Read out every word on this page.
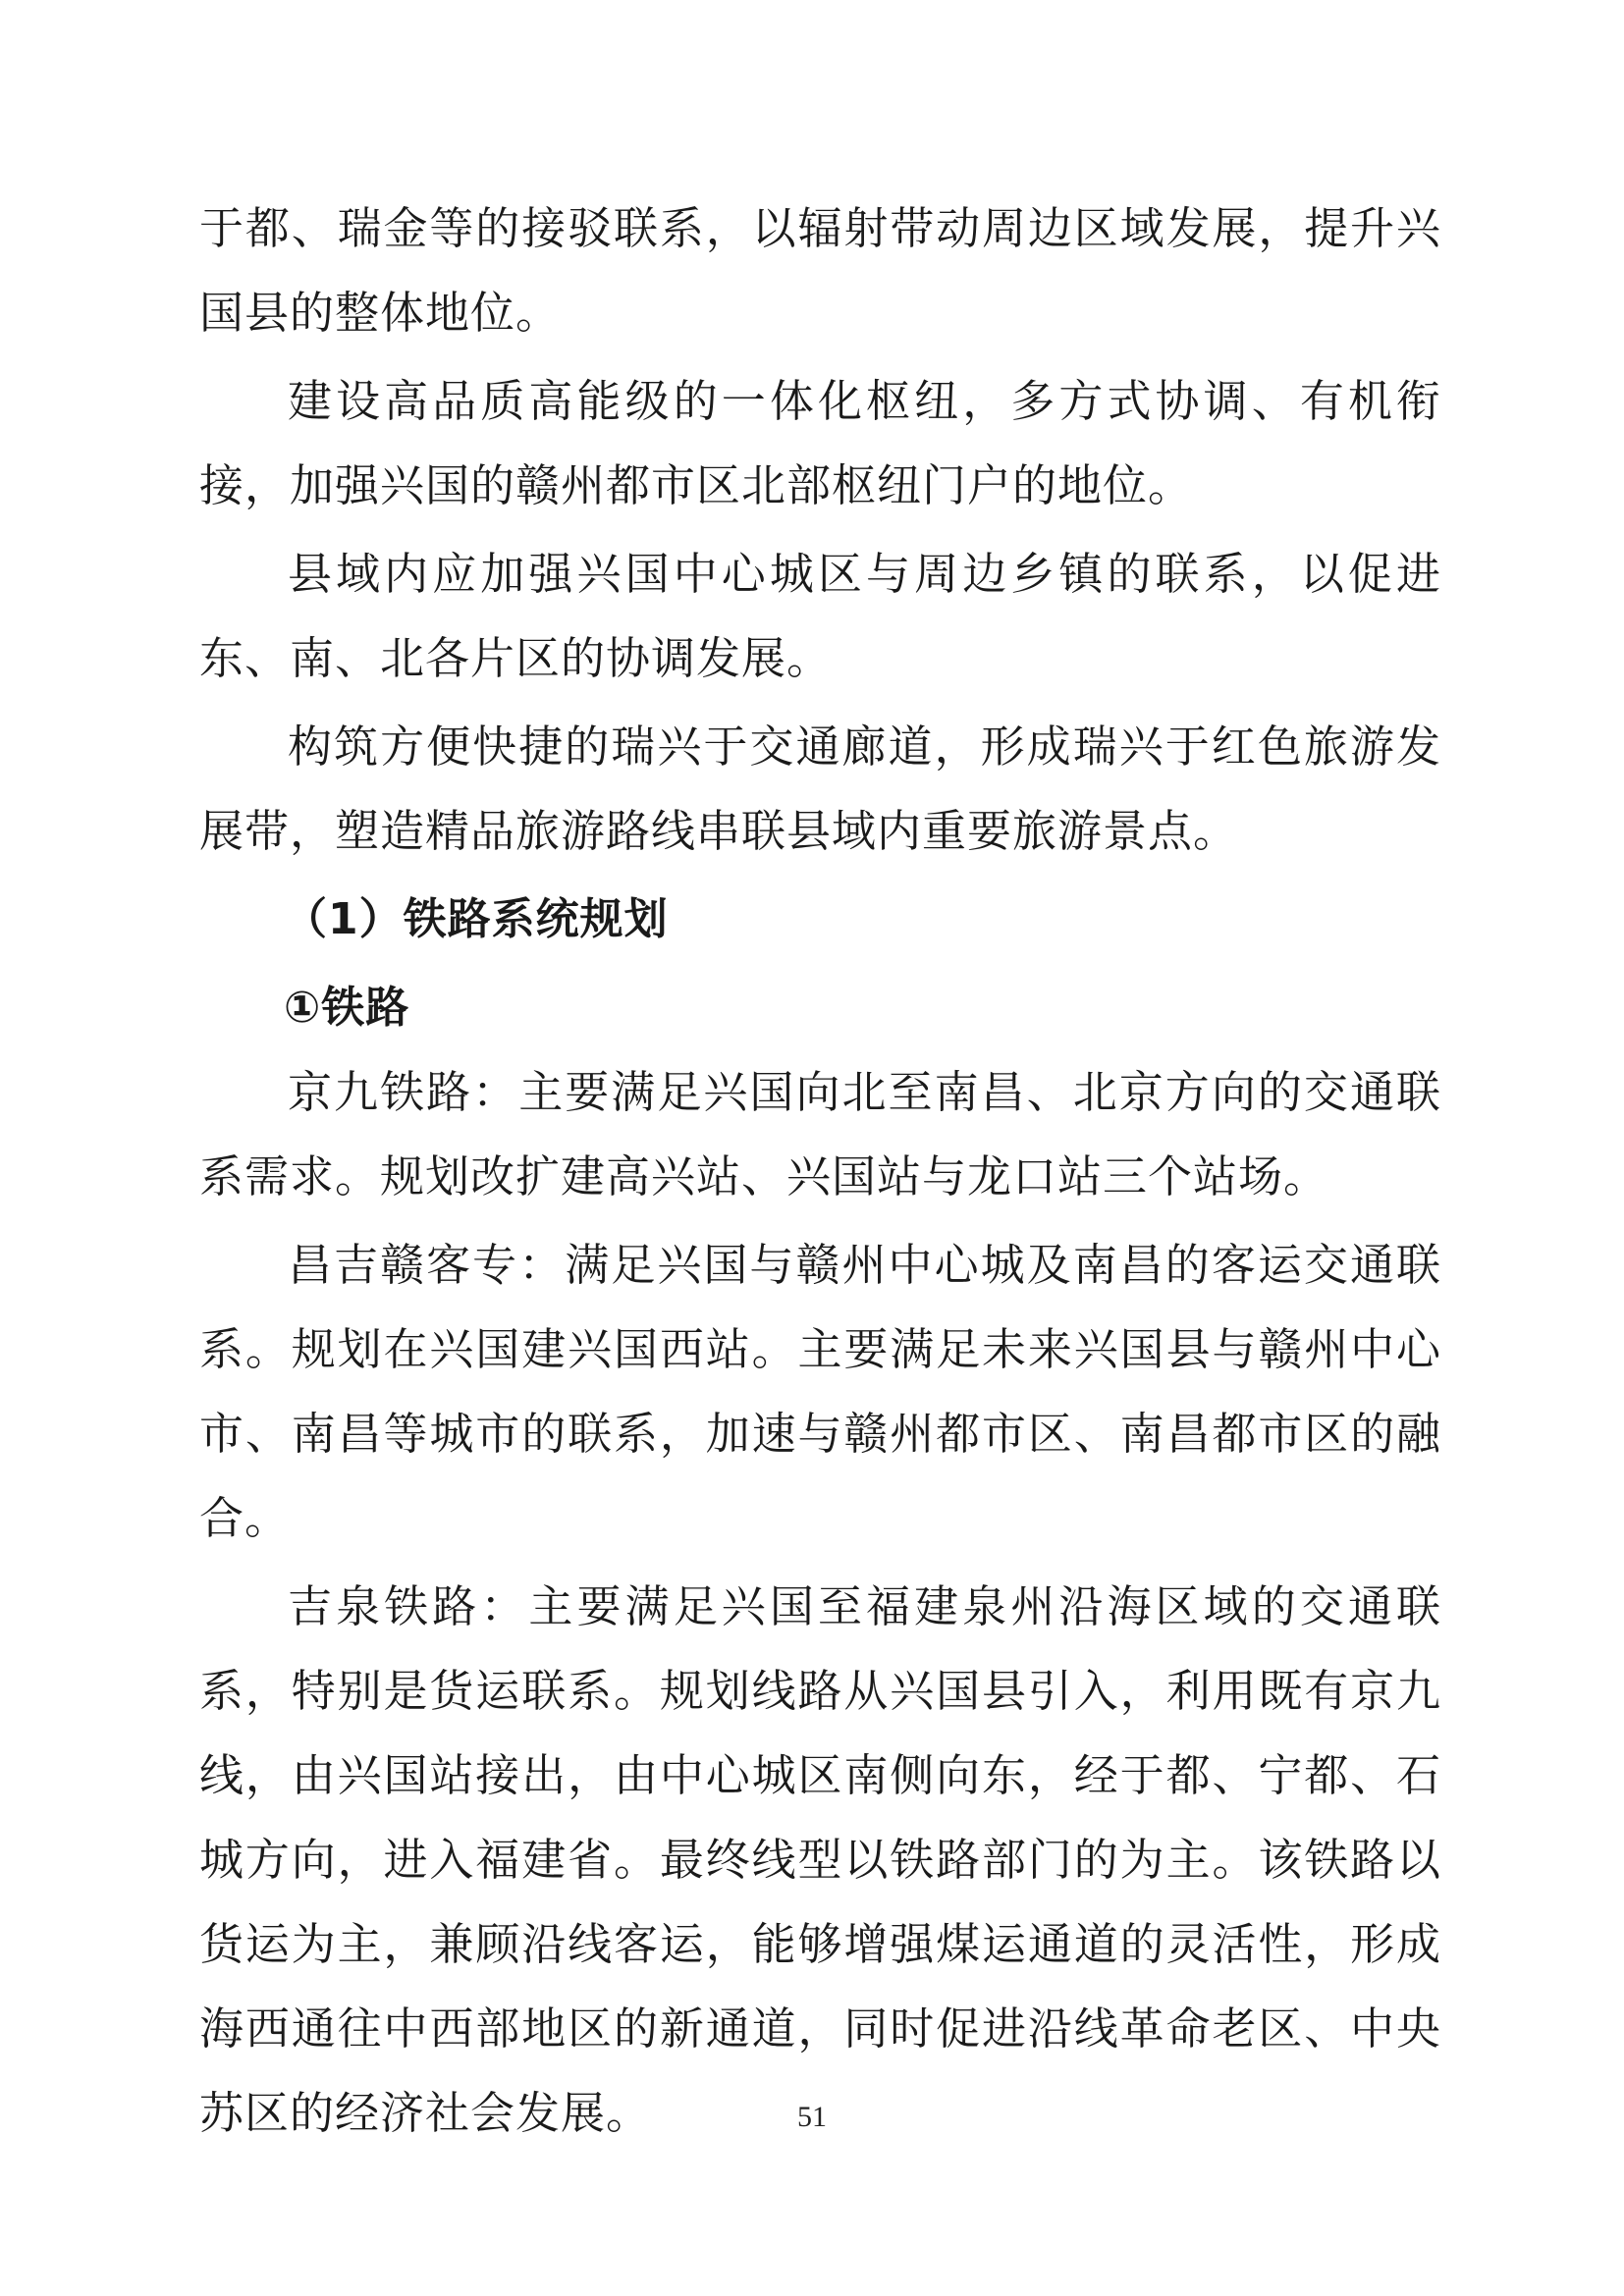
于都、瑞金等的接驳联系，以辐射带动周边区域发展，提升兴国县的整体地位。

建设高品质高能级的一体化枢纽，多方式协调、有机衔接，加强兴国的赣州都市区北部枢纽门户的地位。

县域内应加强兴国中心城区与周边乡镇的联系，以促进东、南、北各片区的协调发展。

构筑方便快捷的瑞兴于交通廊道，形成瑞兴于红色旅游发展带，塑造精品旅游路线串联县域内重要旅游景点。

（1）铁路系统规划
①铁路

京九铁路：主要满足兴国向北至南昌、北京方向的交通联系需求。规划改扩建高兴站、兴国站与龙口站三个站场。

昌吉赣客专：满足兴国与赣州中心城及南昌的客运交通联系。规划在兴国建兴国西站。主要满足未来兴国县与赣州中心市、南昌等城市的联系，加速与赣州都市区、南昌都市区的融合。

吉泉铁路：主要满足兴国至福建泉州沿海区域的交通联系，特别是货运联系。规划线路从兴国县引入，利用既有京九线，由兴国站接出，由中心城区南侧向东，经于都、宁都、石城方向，进入福建省。最终线型以铁路部门的为主。该铁路以货运为主，兼顾沿线客运，能够增强煤运通道的灵活性，形成海西通往中西部地区的新通道，同时促进沿线革命老区、中央苏区的经济社会发展。	51
